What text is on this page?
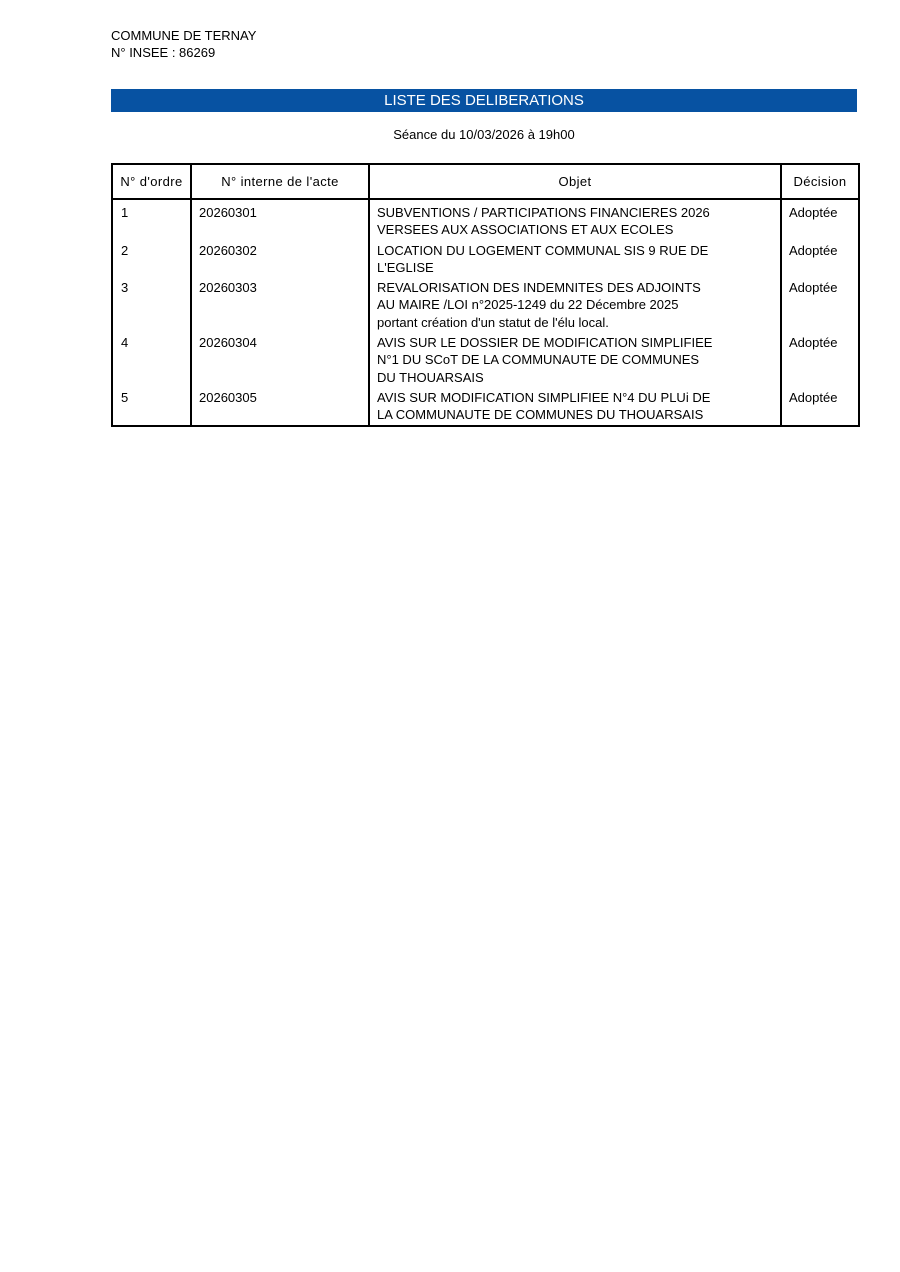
COMMUNE DE TERNAY
N° INSEE : 86269
LISTE DES DELIBERATIONS
Séance du 10/03/2026 à 19h00
N° d'ordre	N° interne de l'acte	Objet	Décision
1	20260301	SUBVENTIONS / PARTICIPATIONS FINANCIERES 2026
VERSEES AUX ASSOCIATIONS ET AUX ECOLES	Adoptée
2	20260302	LOCATION DU LOGEMENT COMMUNAL SIS 9 RUE DE
L'EGLISE	Adoptée
3	20260303	REVALORISATION DES INDEMNITES DES ADJOINTS
AU MAIRE /LOI n°2025-1249 du 22 Décembre 2025
portant création d'un statut de l'élu local.	Adoptée
4	20260304	AVIS SUR LE DOSSIER DE MODIFICATION SIMPLIFIEE
N°1 DU SCoT DE LA COMMUNAUTE DE COMMUNES
DU THOUARSAIS	Adoptée
5	20260305	AVIS SUR MODIFICATION SIMPLIFIEE N°4 DU PLUi DE
LA COMMUNAUTE DE COMMUNES DU THOUARSAIS	Adoptée
